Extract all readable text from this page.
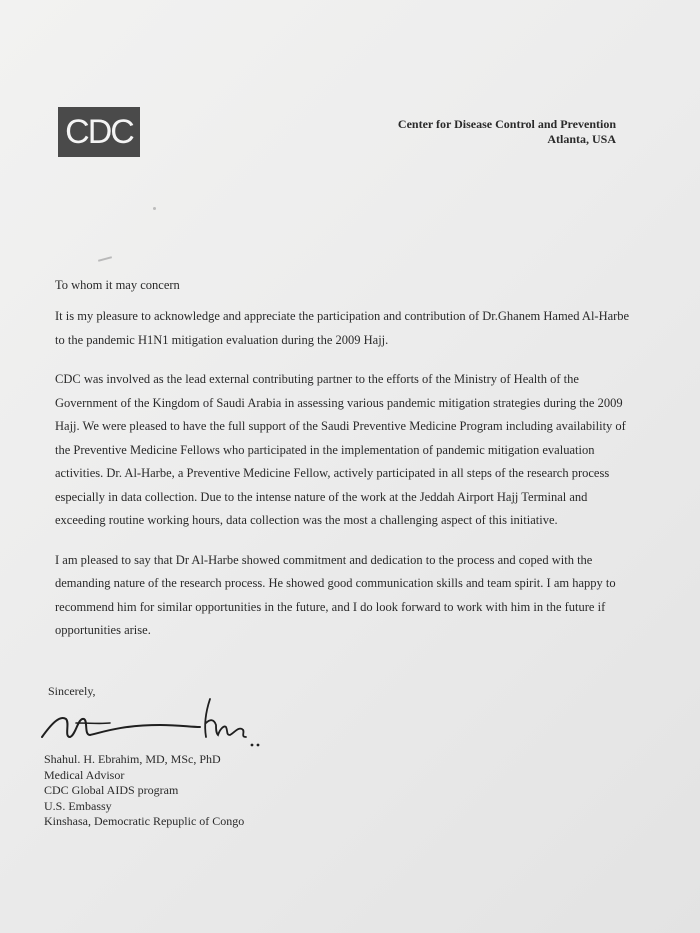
CDC	Center for Disease Control and Prevention
Atlanta, USA

To whom it may concern

It is my pleasure to acknowledge and appreciate the participation and contribution of Dr.Ghanem Hamed Al-Harbe to the pandemic H1N1 mitigation evaluation during the 2009 Hajj.

CDC was involved as the lead external contributing partner to the efforts of the Ministry of Health of the Government of the Kingdom of Saudi Arabia in assessing various pandemic mitigation strategies during the 2009 Hajj. We were pleased to have the full support of the Saudi Preventive Medicine Program including availability of the Preventive Medicine Fellows who participated in the implementation of pandemic mitigation evaluation activities. Dr. Al-Harbe, a Preventive Medicine Fellow, actively participated in all steps of the research process especially in data collection. Due to the intense nature of the work at the Jeddah Airport Hajj Terminal and exceeding routine working hours, data collection was the most a challenging aspect of this initiative.

I am pleased to say that Dr Al-Harbe showed commitment and dedication to the process and coped with the demanding nature of the research process. He showed good communication skills and team spirit. I am happy to recommend him for similar opportunities in the future, and I do look forward to work with him in the future if opportunities arise.

Sincerely,
Shahul. H. Ebrahim, MD, MSc, PhD
Medical Advisor
CDC Global AIDS program
U.S. Embassy
Kinshasa, Democratic Repuplic of Congo
